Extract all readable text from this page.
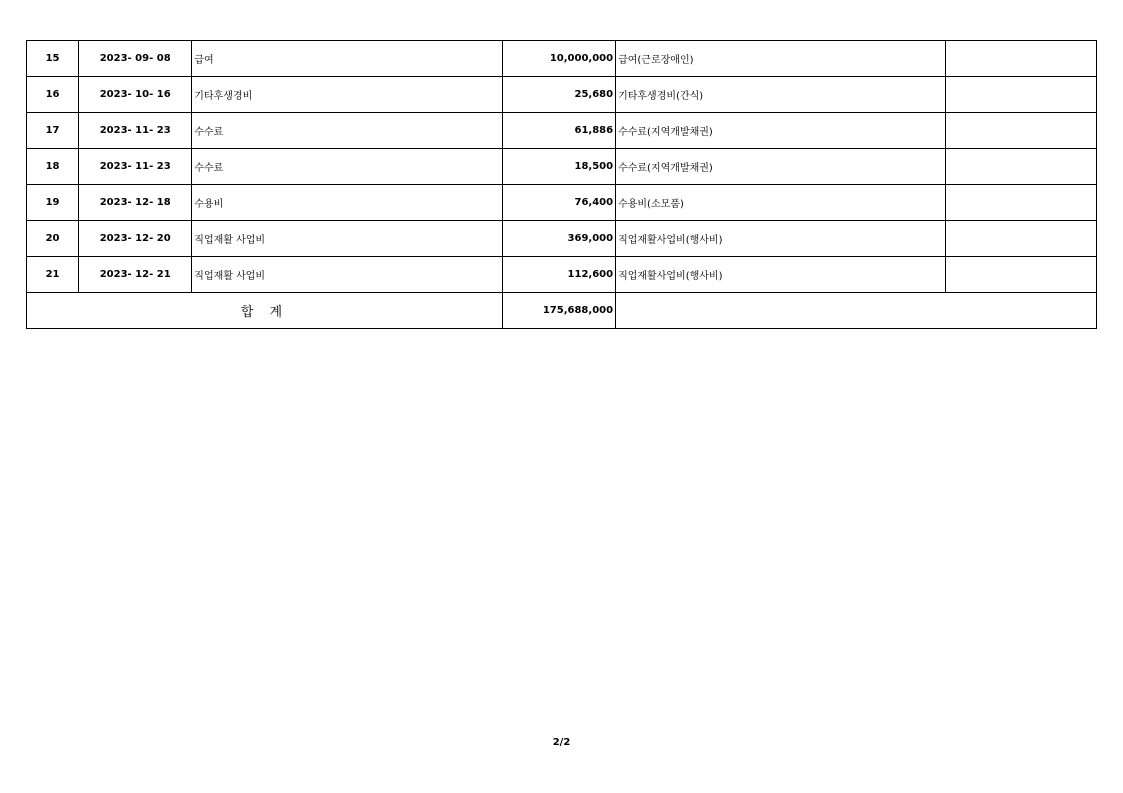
15	2023- 09- 08	급여	10,000,000	급여(근로장애인)	
16	2023- 10- 16	기타후생경비	25,680	기타후생경비(간식)	
17	2023- 11- 23	수수료	61,886	수수료(지역개발채권)	
18	2023- 11- 23	수수료	18,500	수수료(지역개발채권)	
19	2023- 12- 18	수용비	76,400	수용비(소모품)	
20	2023- 12- 20	직업재활 사업비	369,000	직업재활사업비(행사비)	
21	2023- 12- 21	직업재활 사업비	112,600	직업재활사업비(행사비)	
합 계			175,688,000		
2/2
